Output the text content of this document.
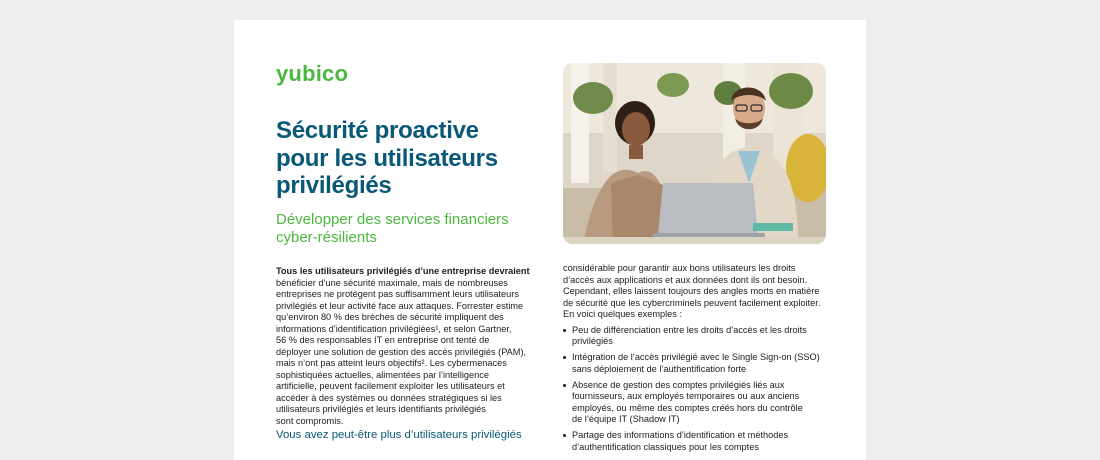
yubico
Sécurité proactive
pour les utilisateurs
privilégiés
Développer des services financiers
cyber-résilients
Tous les utilisateurs privilégiés d’une entreprise devraient
bénéficier d’une sécurité maximale, mais de nombreuses
entreprises ne protègent pas suffisamment leurs utilisateurs
privilégiés et leur activité face aux attaques. Forrester estime
qu’environ 80 % des brèches de sécurité impliquent des
informations d’identification privilégiées¹, et selon Gartner,
56 % des responsables IT en entreprise ont tenté de
déployer une solution de gestion des accès privilégiés (PAM),
mais n’ont pas atteint leurs objectifs². Les cybermenaces
sophistiquées actuelles, alimentées par l’intelligence
artificielle, peuvent facilement exploiter les utilisateurs et
accéder à des systèmes ou données stratégiques si les
utilisateurs privilégiés et leurs identifiants privilégiés
sont compromis.
Vous avez peut-être plus d’utilisateurs privilégiés
considérable pour garantir aux bons utilisateurs les droits
d’accès aux applications et aux données dont ils ont besoin.
Cependant, elles laissent toujours des angles morts en matière
de sécurité que les cybercriminels peuvent facilement exploiter.
En voici quelques exemples :
Peu de différenciation entre les droits d’accès et les droits
privilégiés
Intégration de l’accès privilégié avec le Single Sign-on (SSO)
sans déploiement de l’authentification forte
Absence de gestion des comptes privilégiés liés aux
fournisseurs, aux employés temporaires ou aux anciens
employés, ou même des comptes créés hors du contrôle
de l’équipe IT (Shadow IT)
Partage des informations d’identification et méthodes
d’authentification classiques pour les comptes
